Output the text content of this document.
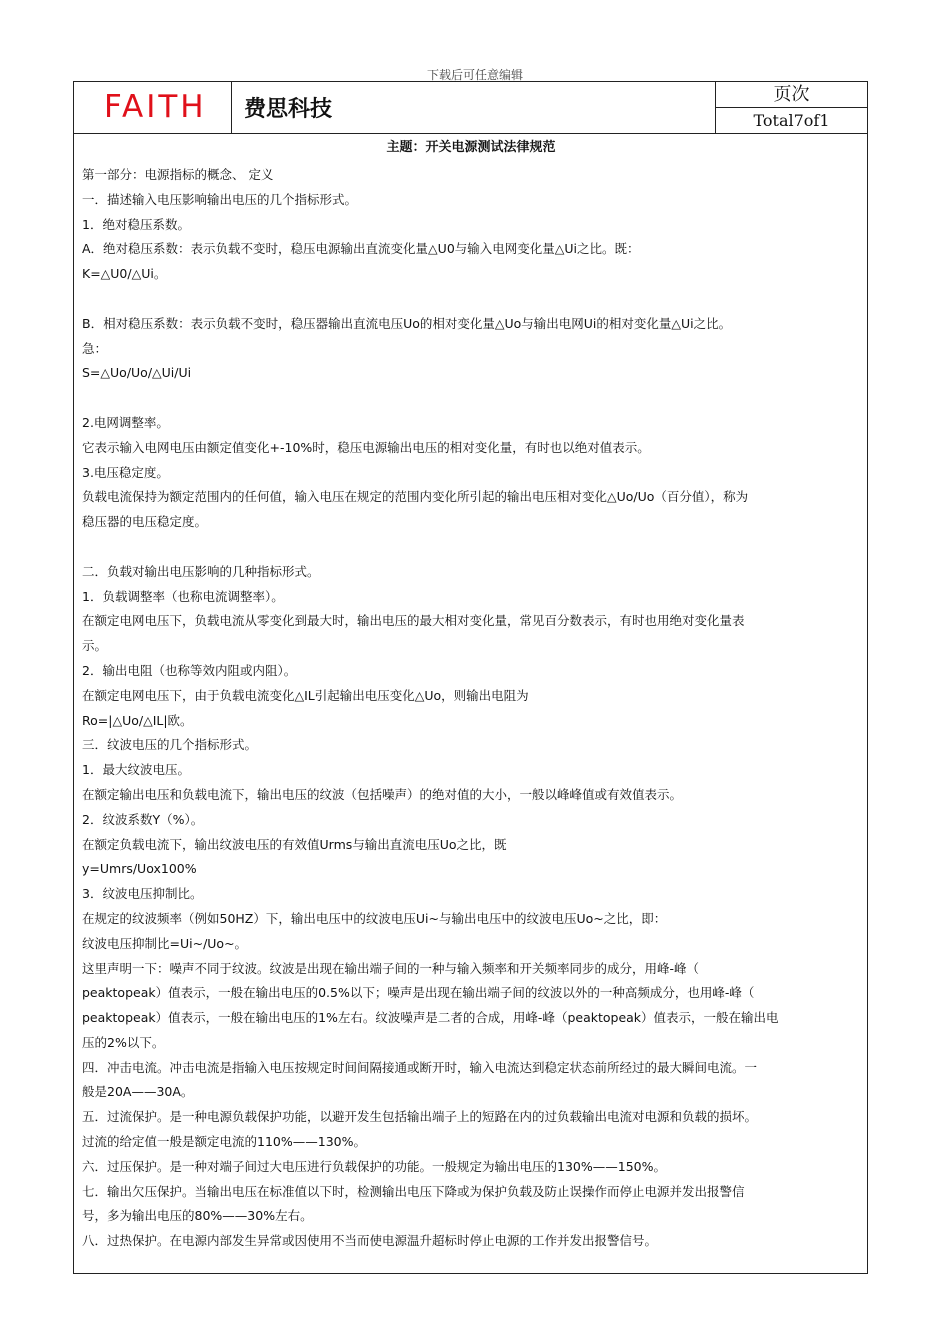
下载后可任意编辑
FAITH 费思科技
页次
Total7of1
主题：开关电源测试法律规范
第一部分：电源指标的概念、 定义
一．描述输入电压影响输出电压的几个指标形式。
1．绝对稳压系数。
A．绝对稳压系数：表示负载不变时，稳压电源输出直流变化量△U0与输入电网变化量△Ui之比。既：
K=△U0/△Ui。
B．相对稳压系数：表示负载不变时，稳压器输出直流电压Uo的相对变化量△Uo与输出电网Ui的相对变化量△Ui之比。
急：
S=△Uo/Uo/△Ui/Ui
2.电网调整率。
它表示输入电网电压由额定值变化+-10%时，稳压电源输出电压的相对变化量，有时也以绝对值表示。
3.电压稳定度。
负载电流保持为额定范围内的任何值，输入电压在规定的范围内变化所引起的输出电压相对变化△Uo/Uo（百分值），称为
稳压器的电压稳定度。
二．负载对输出电压影响的几种指标形式。
1．负载调整率（也称电流调整率）。
在额定电网电压下，负载电流从零变化到最大时，输出电压的最大相对变化量，常见百分数表示，有时也用绝对变化量表
示。
2．输出电阻（也称等效内阻或内阻）。
在额定电网电压下，由于负载电流变化△IL引起输出电压变化△Uo，则输出电阻为
Ro=|△Uo/△IL|欧。
三．纹波电压的几个指标形式。
1．最大纹波电压。
在额定输出电压和负载电流下，输出电压的纹波（包括噪声）的绝对值的大小，一般以峰峰值或有效值表示。
2．纹波系数Y（%）。
在额定负载电流下，输出纹波电压的有效值Urms与输出直流电压Uo之比，既
y=Umrs/Uox100%
3．纹波电压抑制比。
在规定的纹波频率（例如50HZ）下，输出电压中的纹波电压Ui~与输出电压中的纹波电压Uo~之比，即：
纹波电压抑制比=Ui~/Uo~。
这里声明一下：噪声不同于纹波。纹波是出现在输出端子间的一种与输入频率和开关频率同步的成分，用峰-峰（
peaktopeak）值表示，一般在输出电压的0.5%以下；噪声是出现在输出端子间的纹波以外的一种高频成分，也用峰-峰（
peaktopeak）值表示，一般在输出电压的1%左右。纹波噪声是二者的合成，用峰-峰（peaktopeak）值表示，一般在输出电
压的2%以下。
四．冲击电流。冲击电流是指输入电压按规定时间间隔接通或断开时，输入电流达到稳定状态前所经过的最大瞬间电流。一
般是20A——30A。
五．过流保护。是一种电源负载保护功能，以避开发生包括输出端子上的短路在内的过负载输出电流对电源和负载的损坏。
过流的给定值一般是额定电流的110%——130%。
六．过压保护。是一种对端子间过大电压进行负载保护的功能。一般规定为输出电压的130%——150%。
七．输出欠压保护。当输出电压在标准值以下时，检测输出电压下降或为保护负载及防止误操作而停止电源并发出报警信
号，多为输出电压的80%——30%左右。
八．过热保护。在电源内部发生异常或因使用不当而使电源温升超标时停止电源的工作并发出报警信号。
